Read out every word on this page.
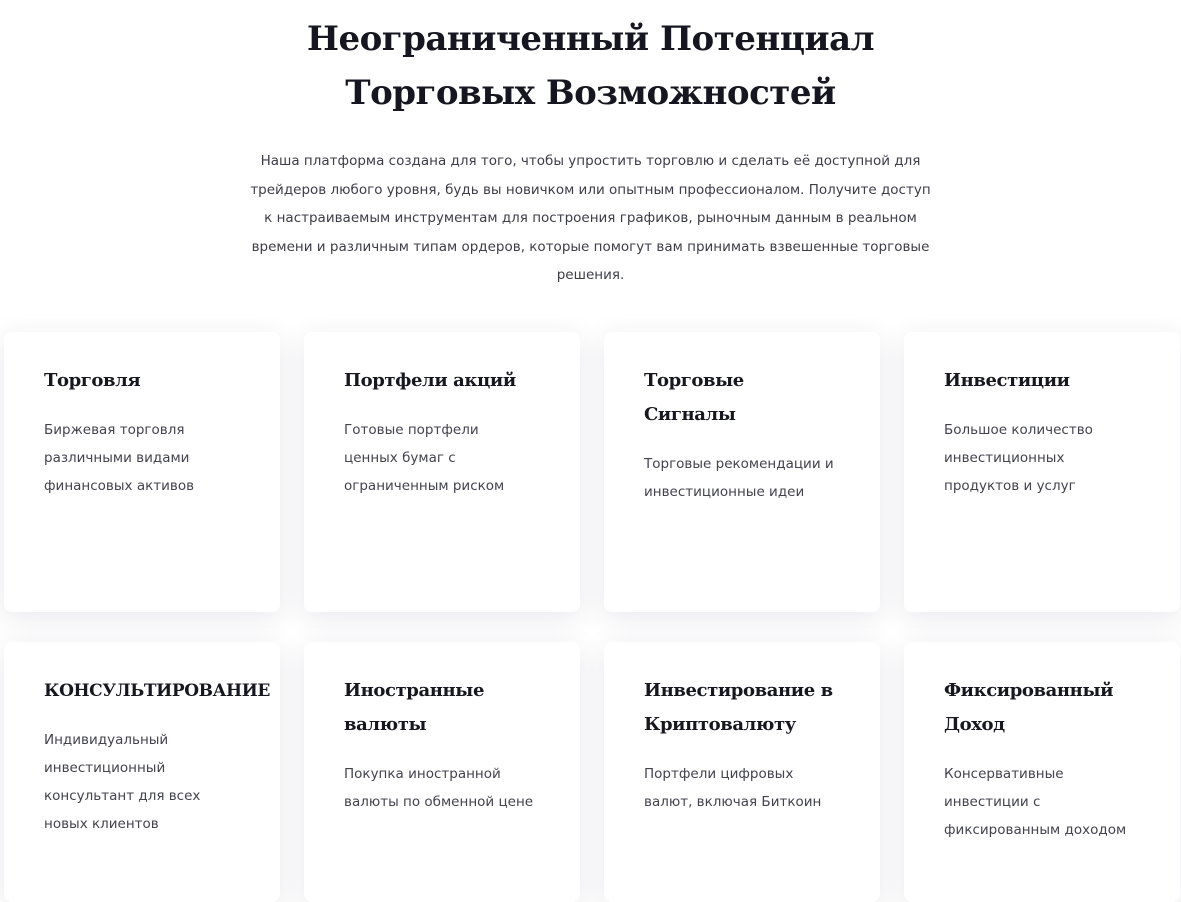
Неограниченный Потенциал
Торговых Возможностей

Наша платформа создана для того, чтобы упростить торговлю и сделать её доступной для трейдеров любого уровня, будь вы новичком или опытным профессионалом. Получите доступ к настраиваемым инструментам для построения графиков, рыночным данным в реальном времени и различным типам ордеров, которые помогут вам принимать взвешенные торговые решения.

Торговля

Биржевая торговля различными видами финансовых активов

Портфели акций

Готовые портфели ценных бумаг с ограниченным риском

Торговые Сигналы

Торговые рекомендации и инвестиционные идеи

Инвестиции

Большое количество инвестиционных продуктов и услуг

КОНСУЛЬТИРОВАНИЕ

Индивидуальный инвестиционный консультант для всех новых клиентов

Иностранные валюты

Покупка иностранной валюты по обменной цене

Инвестирование в Криптовалюту

Портфели цифровых валют, включая Биткоин

Фиксированный Доход

Консервативные инвестиции с фиксированным доходом
